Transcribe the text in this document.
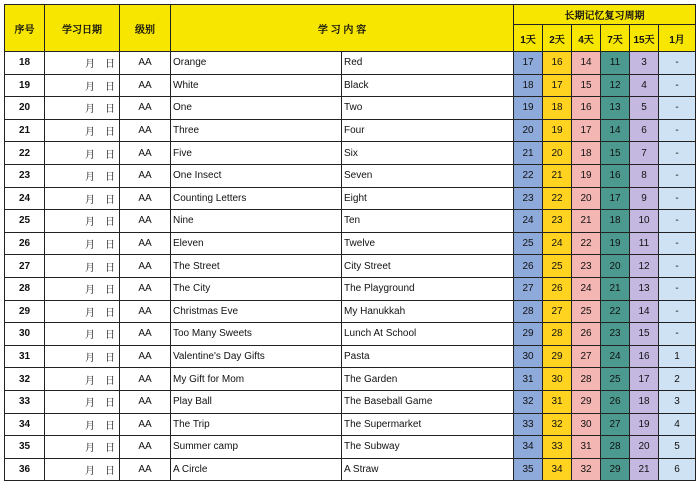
序号	学习日期	级别	学 习 内 容		长期记忆复习周期					
					1天	2天	4天	7天	15天	1月
18	月　日	AA	Orange	Red	17	16	14	11	3	-
19	月　日	AA	White	Black	18	17	15	12	4	-
20	月　日	AA	One	Two	19	18	16	13	5	-
21	月　日	AA	Three	Four	20	19	17	14	6	-
22	月　日	AA	Five	Six	21	20	18	15	7	-
23	月　日	AA	One Insect	Seven	22	21	19	16	8	-
24	月　日	AA	Counting Letters	Eight	23	22	20	17	9	-
25	月　日	AA	Nine	Ten	24	23	21	18	10	-
26	月　日	AA	Eleven	Twelve	25	24	22	19	11	-
27	月　日	AA	The Street	City Street	26	25	23	20	12	-
28	月　日	AA	The City	The Playground	27	26	24	21	13	-
29	月　日	AA	Christmas Eve	My Hanukkah	28	27	25	22	14	-
30	月　日	AA	Too Many Sweets	Lunch At School	29	28	26	23	15	-
31	月　日	AA	Valentine's Day Gifts	Pasta	30	29	27	24	16	1
32	月　日	AA	My Gift for Mom	The Garden	31	30	28	25	17	2
33	月　日	AA	Play Ball	The Baseball Game	32	31	29	26	18	3
34	月　日	AA	The Trip	The Supermarket	33	32	30	27	19	4
35	月　日	AA	Summer camp	The Subway	34	33	31	28	20	5
36	月　日	AA	A Circle	A Straw	35	34	32	29	21	6
